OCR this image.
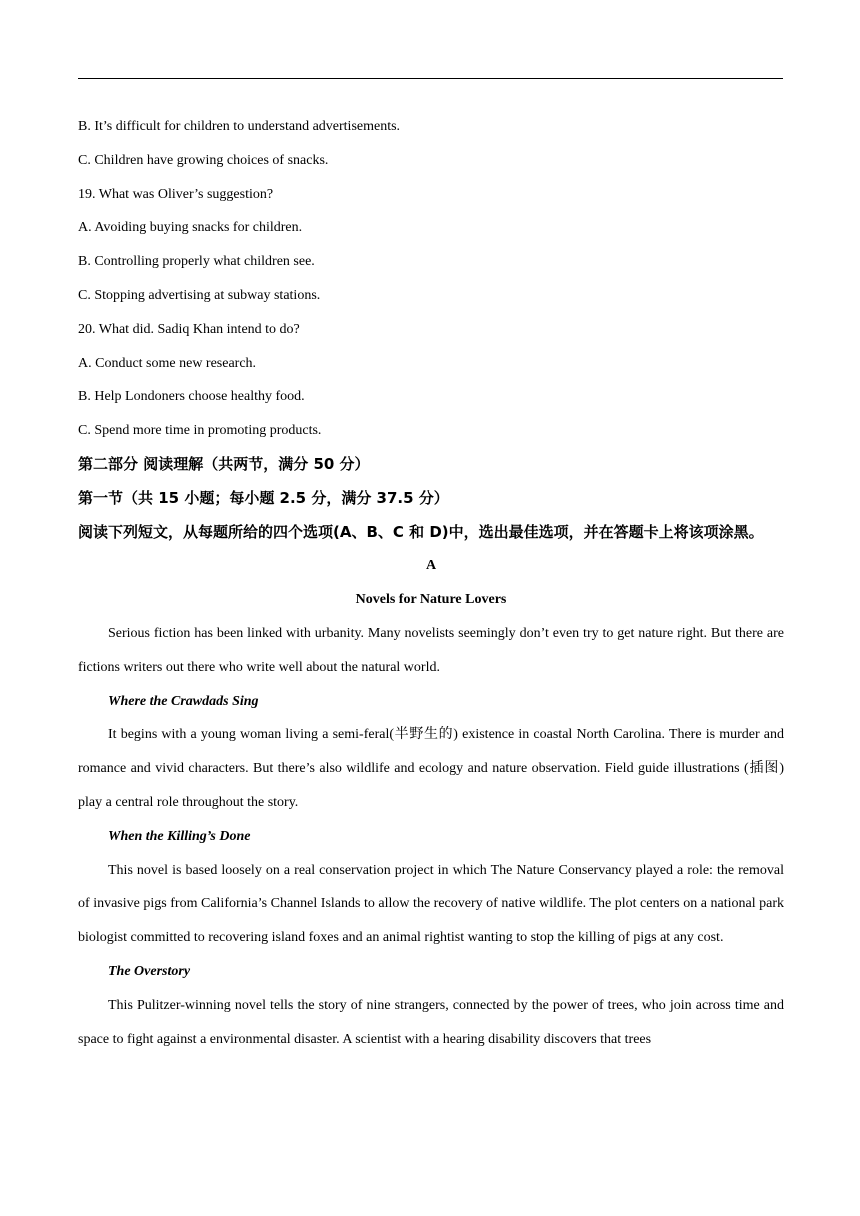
B. It’s difficult for children to understand advertisements.
C. Children have growing choices of snacks.
19. What was Oliver’s suggestion?
A. Avoiding buying snacks for children.
B. Controlling properly what children see.
C. Stopping advertising at subway stations.
20. What did. Sadiq Khan intend to do?
A. Conduct some new research.
B. Help Londoners choose healthy food.
C. Spend more time in promoting products.
第二部分 阅读理解（共两节，满分 50 分）
第一节（共 15 小题；每小题 2.5 分，满分 37.5 分）
阅读下列短文，从每题所给的四个选项(A、B、C 和 D)中，选出最佳选项，并在答题卡上将该项涂黑。
A
Novels for Nature Lovers
Serious fiction has been linked with urbanity. Many novelists seemingly don’t even try to get nature right. But there are fictions writers out there who write well about the natural world.
Where the Crawdads Sing
It begins with a young woman living a semi-feral(半野生的) existence in coastal North Carolina. There is murder and romance and vivid characters. But there’s also wildlife and ecology and nature observation. Field guide illustrations (插图) play a central role throughout the story.
When the Killing’s Done
This novel is based loosely on a real conservation project in which The Nature Conservancy played a role: the removal of invasive pigs from California’s Channel Islands to allow the recovery of native wildlife. The plot centers on a national park biologist committed to recovering island foxes and an animal rightist wanting to stop the killing of pigs at any cost.
The Overstory
This Pulitzer-winning novel tells the story of nine strangers, connected by the power of trees, who join across time and space to fight against a environmental disaster. A scientist with a hearing disability discovers that trees
